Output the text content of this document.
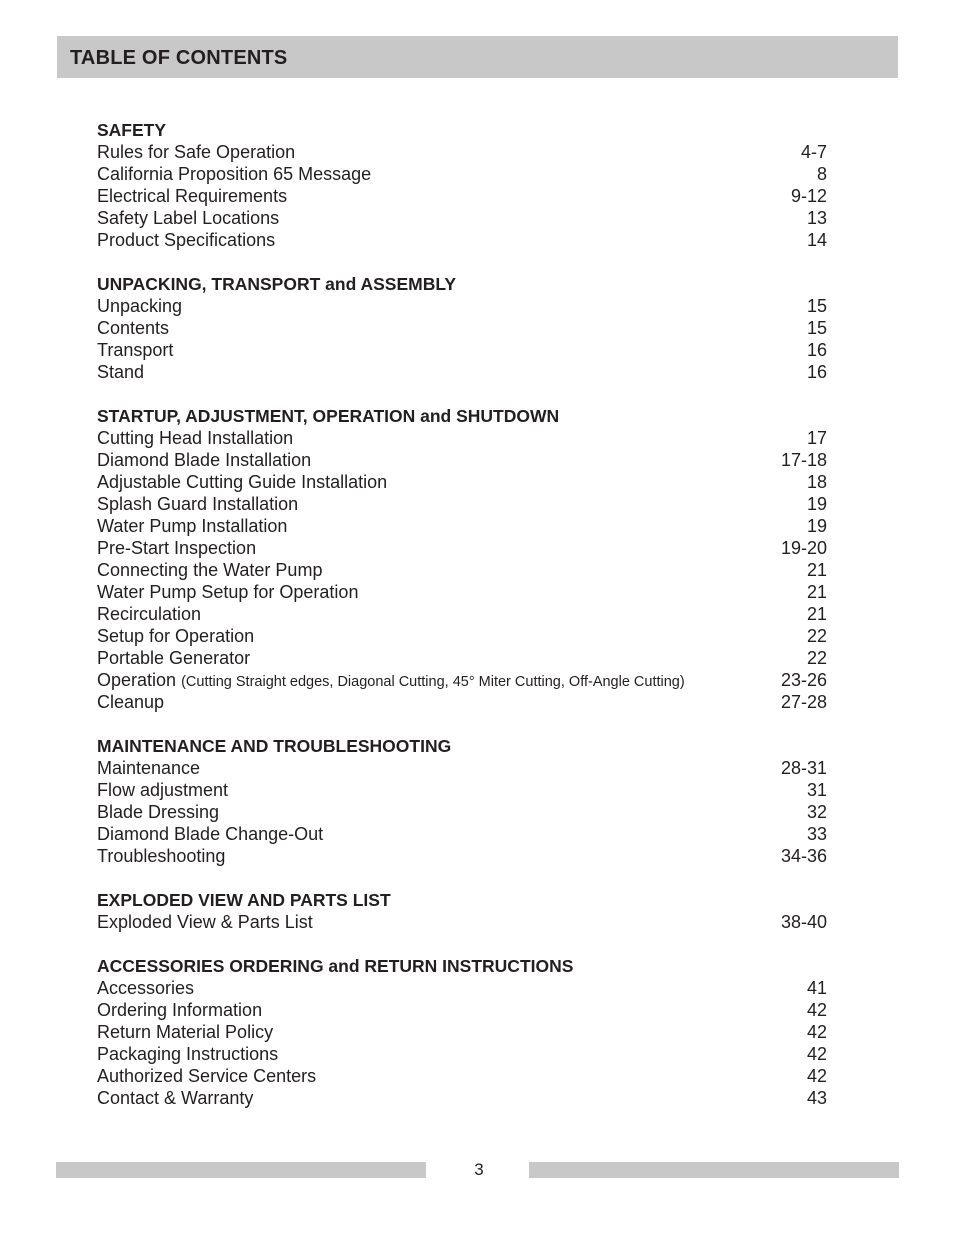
TABLE OF CONTENTS
SAFETY
Rules for Safe Operation	4-7
California Proposition 65 Message	8
Electrical Requirements	9-12
Safety Label Locations	13
Product Specifications	14
UNPACKING, TRANSPORT and ASSEMBLY
Unpacking	15
Contents	15
Transport	16
Stand	16
STARTUP, ADJUSTMENT, OPERATION and SHUTDOWN
Cutting Head Installation	17
Diamond Blade Installation	17-18
Adjustable Cutting Guide Installation	18
Splash Guard Installation	19
Water Pump Installation	19
Pre-Start Inspection	19-20
Connecting the Water Pump	21
Water Pump Setup for Operation	21
Recirculation	21
Setup for Operation	22
Portable Generator	22
Operation (Cutting Straight edges, Diagonal Cutting, 45° Miter Cutting, Off-Angle Cutting)	23-26
Cleanup	27-28
MAINTENANCE AND TROUBLESHOOTING
Maintenance	28-31
Flow adjustment	31
Blade Dressing	32
Diamond Blade Change-Out	33
Troubleshooting	34-36
EXPLODED VIEW AND PARTS LIST
Exploded View & Parts List	38-40
ACCESSORIES ORDERING and RETURN INSTRUCTIONS
Accessories	41
Ordering Information	42
Return Material Policy	42
Packaging Instructions	42
Authorized Service Centers	42
Contact & Warranty	43
3
